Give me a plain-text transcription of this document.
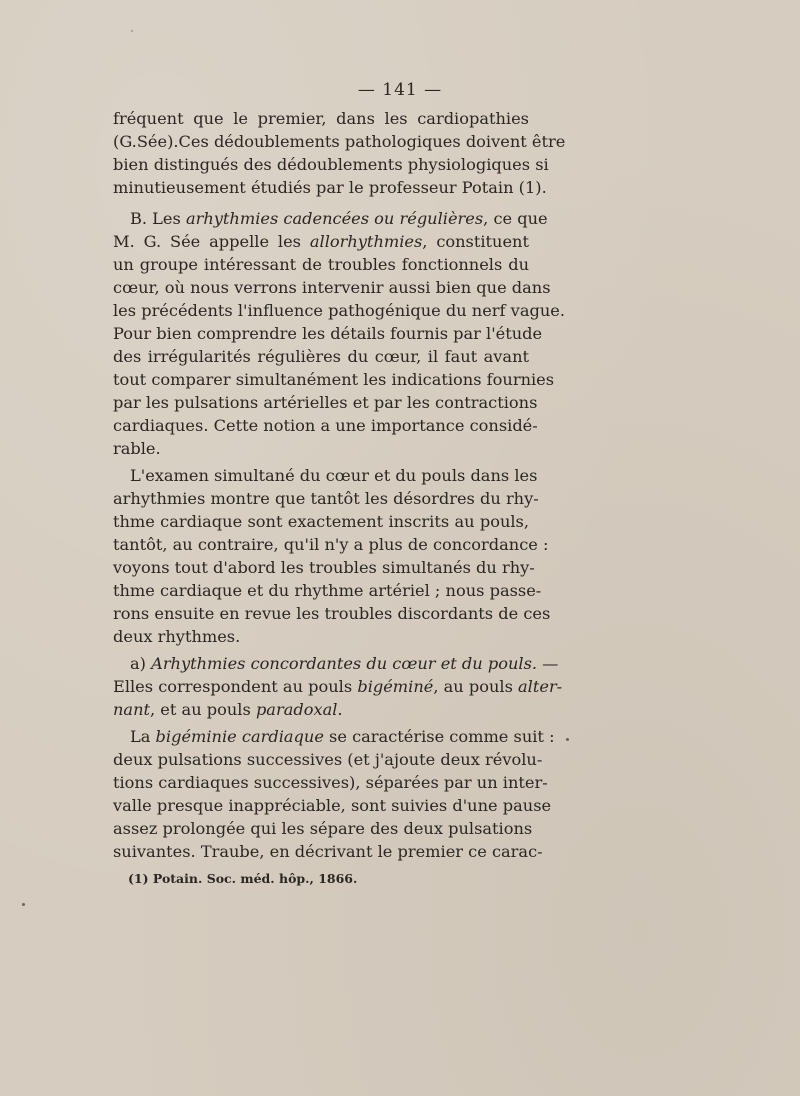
— 141 —
fréquent que le premier, dans les cardiopathies
(G.Sée).Ces dédoublements pathologiques doivent être
bien distingués des dédoublements physiologiques si
minutieusement étudiés par le professeur Potain (1).
B. Les arhythmies cadencées ou régulières, ce que
M. G. Sée appelle les allorhythmies, constituent
un groupe intéressant de troubles fonctionnels du
cœur, où nous verrons intervenir aussi bien que dans
les précédents l'influence pathogénique du nerf vague.
Pour bien comprendre les détails fournis par l'étude
des irrégularités régulières du cœur, il faut avant
tout comparer simultanément les indications fournies
par les pulsations artérielles et par les contractions
cardiaques. Cette notion a une importance considé-
rable.
L'examen simultané du cœur et du pouls dans les
arhythmies montre que tantôt les désordres du rhy-
thme cardiaque sont exactement inscrits au pouls,
tantôt, au contraire, qu'il n'y a plus de concordance :
voyons tout d'abord les troubles simultanés du rhy-
thme cardiaque et du rhythme artériel ; nous passe-
rons ensuite en revue les troubles discordants de ces
deux rhythmes.
a) Arhythmies concordantes du cœur et du pouls. —
Elles correspondent au pouls bigéminé, au pouls alter-
nant, et au pouls paradoxal.
La bigéminie cardiaque se caractérise comme suit :
deux pulsations successives (et j'ajoute deux révolu-
tions cardiaques successives), séparées par un inter-
valle presque inappréciable, sont suivies d'une pause
assez prolongée qui les sépare des deux pulsations
suivantes. Traube, en décrivant le premier ce carac-
(1) Potain. Soc. méd. hôp., 1866.
